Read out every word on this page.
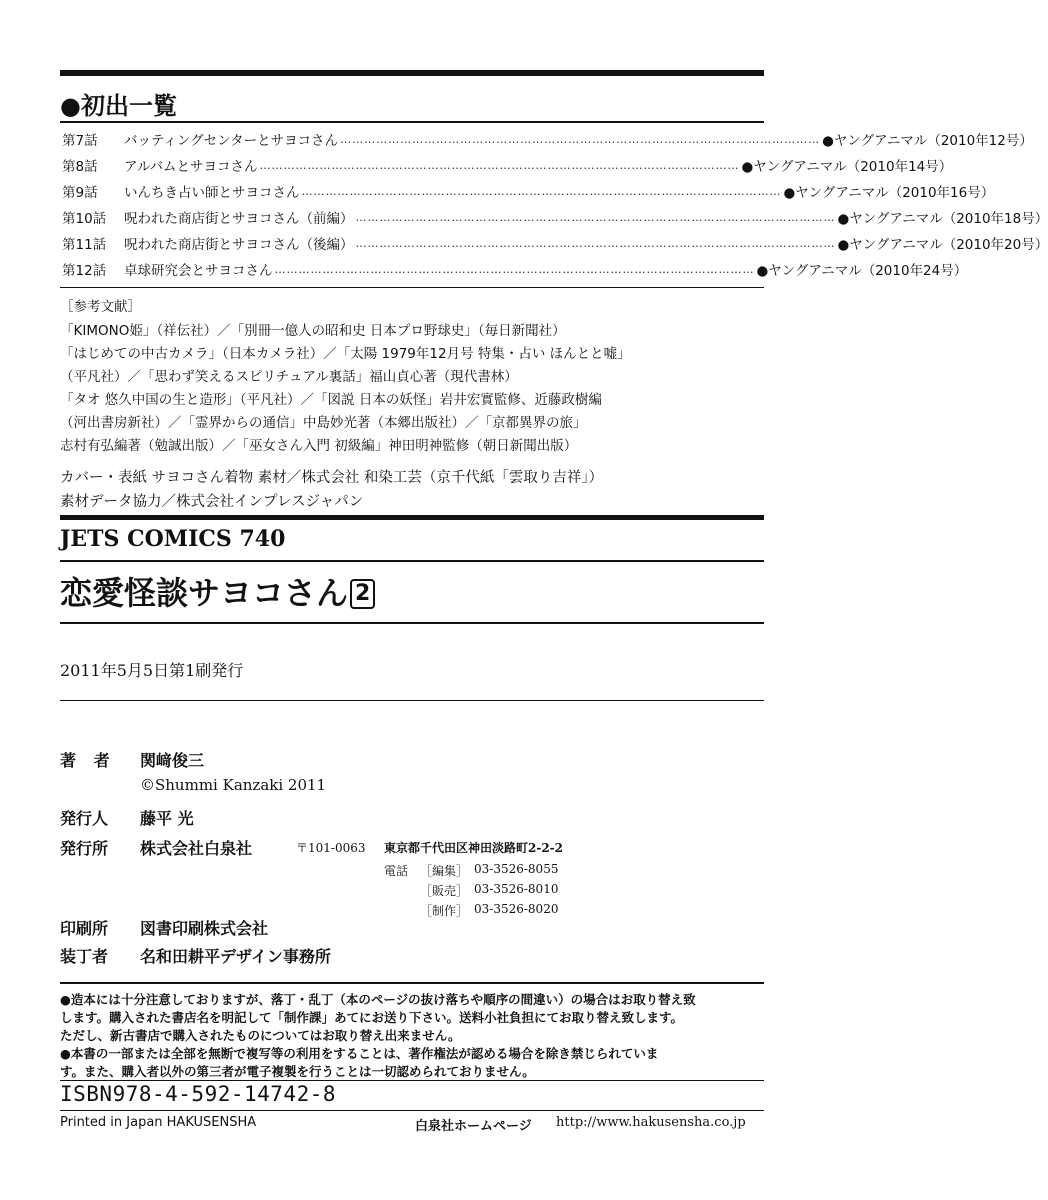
●初出一覧
第7話	バッティングセンターとサヨコさん ………………………………………………………………………………………………………… ●ヤングアニマル（2010年12号）
第8話	アルバムとサヨコさん ………………………………………………………………………………………………………… ●ヤングアニマル（2010年14号）
第9話	いんちき占い師とサヨコさん ………………………………………………………………………………………………………… ●ヤングアニマル（2010年16号）
第10話	呪われた商店街とサヨコさん（前編） ………………………………………………………………………………………………………… ●ヤングアニマル（2010年18号）
第11話	呪われた商店街とサヨコさん（後編） ………………………………………………………………………………………………………… ●ヤングアニマル（2010年20号）
第12話	卓球研究会とサヨコさん ………………………………………………………………………………………………………… ●ヤングアニマル（2010年24号）
［参考文献］
「KIMONO姫」（祥伝社）／「別冊一億人の昭和史 日本プロ野球史」（毎日新聞社）
「はじめての中古カメラ」（日本カメラ社）／「太陽 1979年12月号 特集・占い ほんとと嘘」
（平凡社）／「思わず笑えるスピリチュアル裏話」福山貞心著（現代書林）
「タオ 悠久中国の生と造形」（平凡社）／「図説 日本の妖怪」岩井宏實監修、近藤政樹編
（河出書房新社）／「霊界からの通信」中島妙光著（本郷出版社）／「京都異界の旅」
志村有弘編著（勉誠出版）／「巫女さん入門 初級編」神田明神監修（朝日新聞出版）
カバー・表紙 サヨコさん着物 素材／株式会社 和染工芸（京千代紙「雲取り吉祥」）
素材データ協力／株式会社インプレスジャパン
JETS COMICS 740
恋愛怪談サヨコさん 2
2011年5月5日第1刷発行
著 者 関﨑俊三
©Shummi Kanzaki 2011
発行人 藤平 光
発行所 株式会社白泉社	〒101-0063 東京都千代田区神田淡路町2-2-2
電話 ［編集］ 03-3526-8055
［販売］ 03-3526-8010
［制作］ 03-3526-8020
印刷所 図書印刷株式会社
装丁者 名和田耕平デザイン事務所
●造本には十分注意しておりますが、落丁・乱丁（本のページの抜け落ちや順序の間違い）の場合はお取り替え致
します。購入された書店名を明記して「制作課」あてにお送り下さい。送料小社負担にてお取り替え致します。
ただし、新古書店で購入されたものについてはお取り替え出来ません。
●本書の一部または全部を無断で複写等の利用をすることは、著作権法が認める場合を除き禁じられていま
す。また、購入者以外の第三者が電子複製を行うことは一切認められておりません。
ISBN978-4-592-14742-8
Printed in Japan HAKUSENSHA	白泉社ホームページ http://www.hakusensha.co.jp
